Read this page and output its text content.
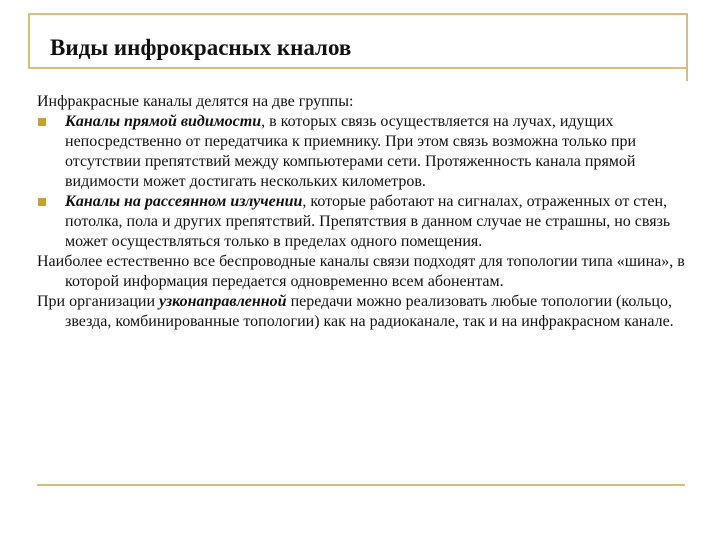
Виды инфрокрасных кналов

Инфракрасные каналы делятся на две группы:

Каналы прямой видимости, в которых связь осуществляется на лучах, идущих непосредственно от передатчика к приемнику. При этом связь возможна только при отсутствии препятствий между компьютерами сети. Протяженность канала прямой видимости может достигать нескольких километров.
Каналы на рассеянном излучении, которые работают на сигналах, отраженных от стен, потолка, пола и других препятствий. Препятствия в данном случае не страшны, но связь может осуществляться только в пределах одного помещения.

Наиболее естественно все беспроводные каналы связи подходят для топологии типа «шина», в которой информация передается одновременно всем абонентам.

При организации узконаправленной передачи можно реализовать любые топологии (кольцо, звезда, комбинированные топологии) как на радиоканале, так и на инфракрасном канале.
